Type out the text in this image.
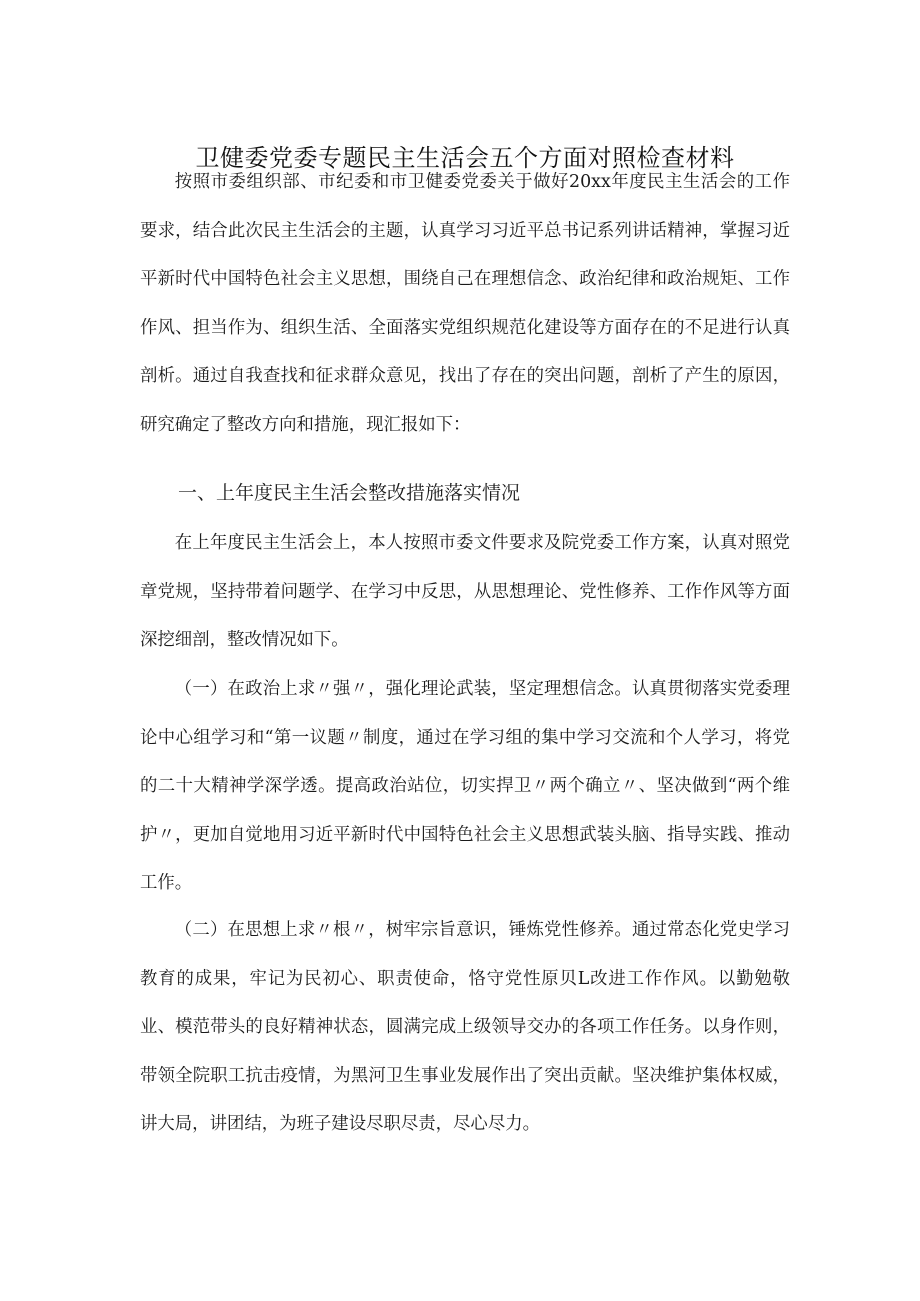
卫健委党委专题民主生活会五个方面对照检查材料

按照市委组织部、市纪委和市卫健委党委关于做好20xx年度民主生活会的工作要求，结合此次民主生活会的主题，认真学习习近平总书记系列讲话精神，掌握习近平新时代中国特色社会主义思想，围绕自己在理想信念、政治纪律和政治规矩、工作作风、担当作为、组织生活、全面落实党组织规范化建设等方面存在的不足进行认真剖析。通过自我查找和征求群众意见，找出了存在的突出问题，剖析了产生的原因，研究确定了整改方向和措施，现汇报如下：

一、上年度民主生活会整改措施落实情况

在上年度民主生活会上，本人按照市委文件要求及院党委工作方案，认真对照党章党规，坚持带着问题学、在学习中反思，从思想理论、党性修养、工作作风等方面深挖细剖，整改情况如下。

（一）在政治上求〃强〃，强化理论武装，坚定理想信念。认真贯彻落实党委理论中心组学习和“第一议题〃制度，通过在学习组的集中学习交流和个人学习，将党的二十大精神学深学透。提高政治站位，切实捍卫〃两个确立〃、坚决做到“两个维护〃，更加自觉地用习近平新时代中国特色社会主义思想武装头脑、指导实践、推动工作。

（二）在思想上求〃根〃，树牢宗旨意识，锤炼党性修养。通过常态化党史学习教育的成果，牢记为民初心、职责使命，恪守党性原贝L改进工作作风。以勤勉敬业、模范带头的良好精神状态，圆满完成上级领导交办的各项工作任务。以身作则，带领全院职工抗击疫情，为黑河卫生事业发展作出了突出贡献。坚决维护集体权威，讲大局，讲团结，为班子建设尽职尽责，尽心尽力。
